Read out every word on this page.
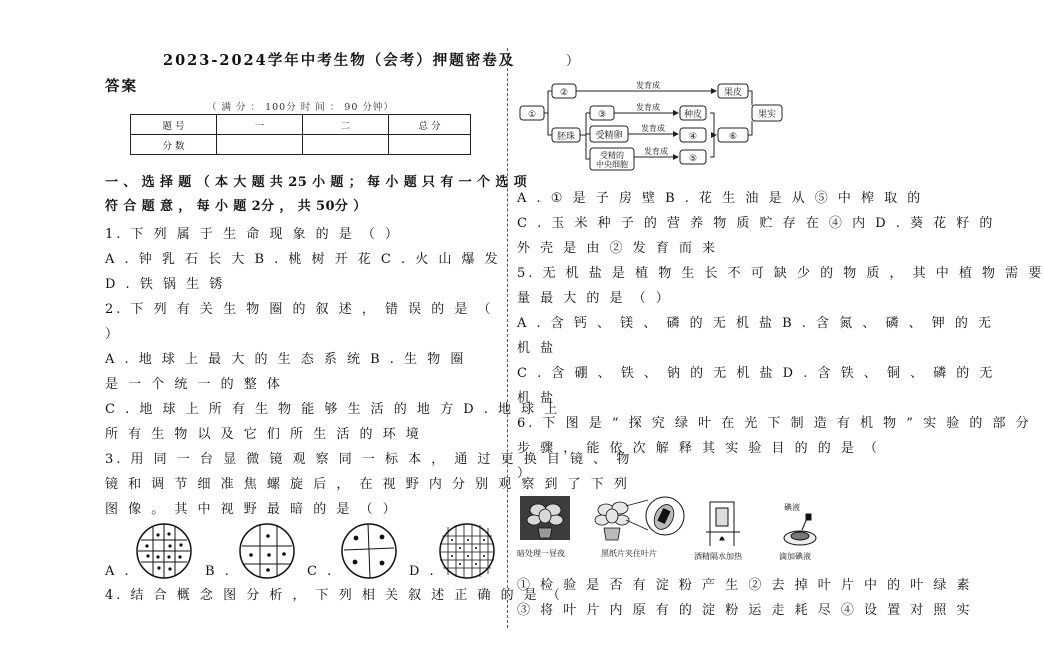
2023-2024学年中考生物（会考）押题密卷及
答案
（ 满 分 ： 100分 时 间 ： 90 分钟）
题 号	一	二	总 分
分 数			
一 、 选 择 题 （ 本 大 题 共 25 小 题 ； 每 小 题 只 有 一 个 选 项
符 合 题 意 ， 每 小 题 2分 ， 共 50分 ）
1. 下 列 属 于 生 命 现 象 的 是 （ ）
A . 钟 乳 石 长 大 B . 桃 树 开 花 C . 火 山 爆 发
D . 铁 锅 生 锈
2. 下 列 有 关 生 物 圈 的 叙 述 ， 错 误 的 是 （
）
A . 地 球 上 最 大 的 生 态 系 统 B . 生 物 圈
是 一 个 统 一 的 整 体
C . 地 球 上 所 有 生 物 能 够 生 活 的 地 方 D . 地 球 上
所 有 生 物 以 及 它 们 所 生 活 的 环 境
3. 用 同 一 台 显 微 镜 观 察 同 一 标 本 ， 通 过 更 换 目 镜 、 物
镜 和 调 节 细 准 焦 螺 旋 后 ， 在 视 野 内 分 别 观 察 到 了 下 列
图 像 。 其 中 视 野 最 暗 的 是 （ ）
A .	B .	C .	D .
4. 结 合 概 念 图 分 析 ， 下 列 相 关 叙 述 正 确 的 是 （
）
①
②
胚珠
③
受精卵
受精的
中央细胞
种皮
④
⑤
果皮
⑥
果实
发育成
发育成
发育成
发育成
A . ① 是 子 房 壁 B . 花 生 油 是 从 ⑤ 中 榨 取 的
C . 玉 米 种 子 的 营 养 物 质 贮 存 在 ④ 内 D . 葵 花 籽 的
外 壳 是 由 ② 发 育 而 来
5. 无 机 盐 是 植 物 生 长 不 可 缺 少 的 物 质 ， 其 中 植 物 需 要
量 最 大 的 是 （ ）
A . 含 钙 、 镁 、 磷 的 无 机 盐 B . 含 氮 、 磷 、 钾 的 无
机 盐
C . 含 硼 、 铁 、 钠 的 无 机 盐 D . 含 铁 、 铜 、 磷 的 无
机 盐
6. 下 图 是 “ 探 究 绿 叶 在 光 下 制 造 有 机 物 ” 实 验 的 部 分
步 骤 ， 能 依 次 解 释 其 实 验 目 的 的 是 （
）
碘液
暗处理一昼夜	黑纸片夹住叶片	酒精隔水加热	滴加碘液
① 检 验 是 否 有 淀 粉 产 生 ② 去 掉 叶 片 中 的 叶 绿 素
③ 将 叶 片 内 原 有 的 淀 粉 运 走 耗 尽 ④ 设 置 对 照 实
